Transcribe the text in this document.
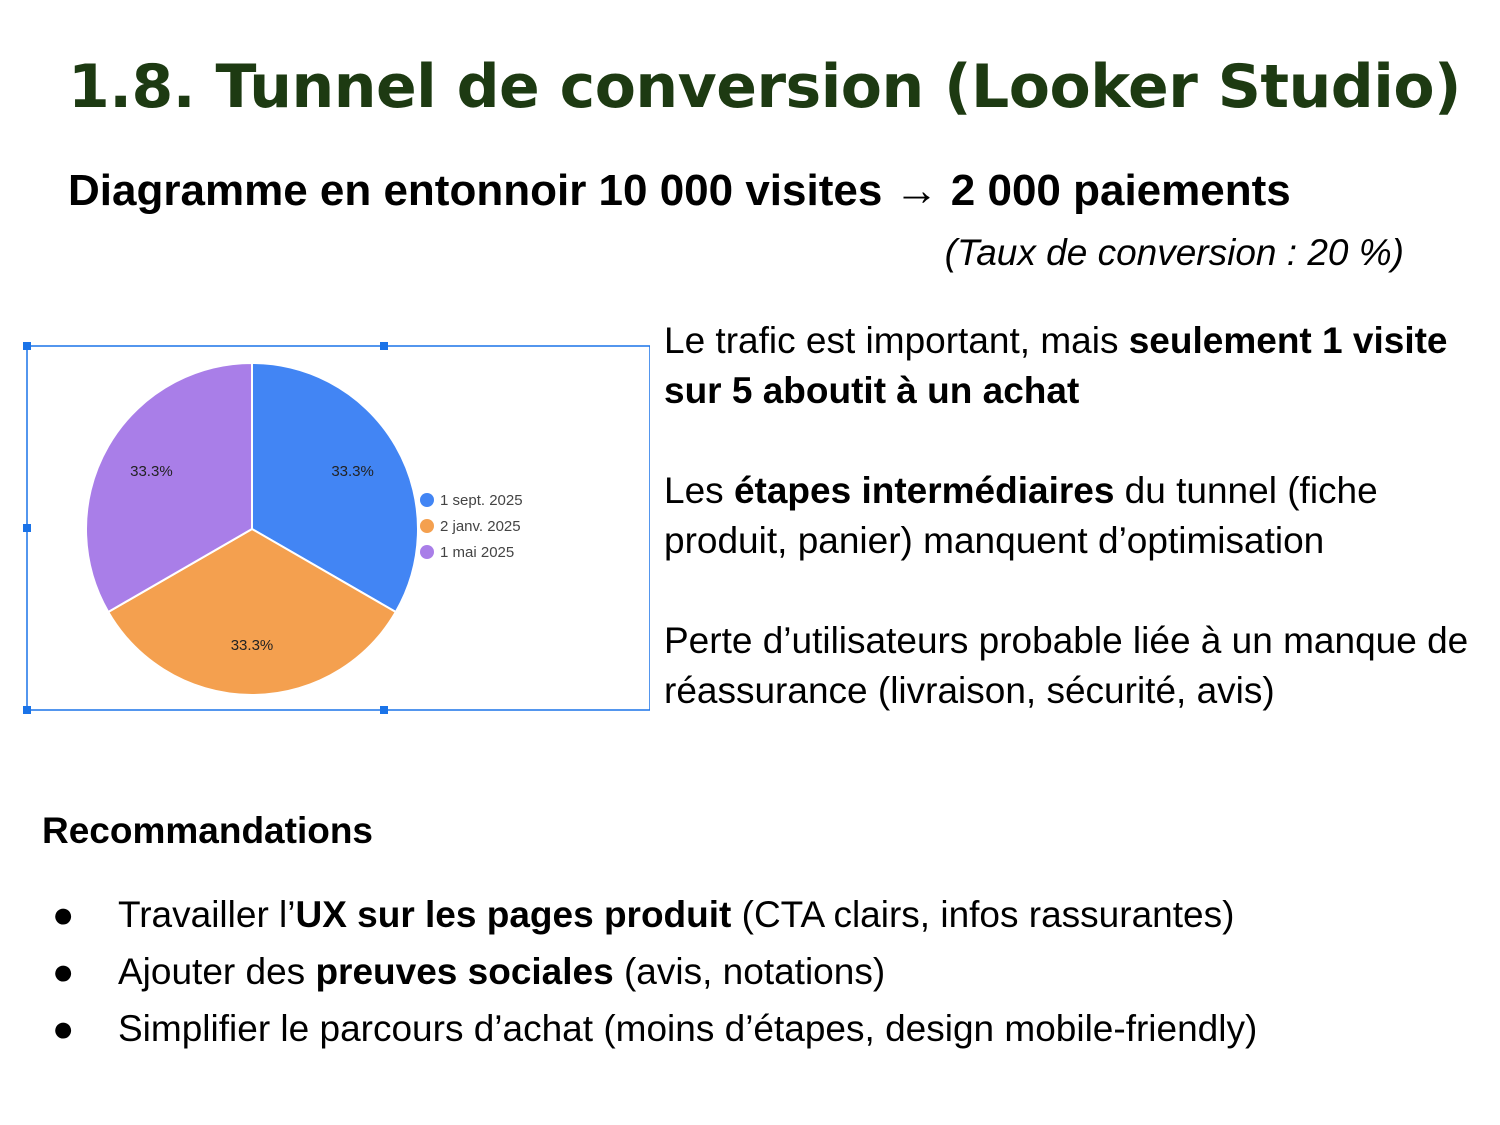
1.8. Tunnel de conversion (Looker Studio)
Diagramme en entonnoir 10 000 visites → 2 000 paiements
(Taux de conversion : 20 %)
33.3%
33.3%
33.3%
1 sept. 2025
2 janv. 2025
1 mai 2025

Le trafic est important, mais seulement 1 visite sur 5 aboutit à un achat

Les étapes intermédiaires du tunnel (fiche produit, panier) manquent d’optimisation

Perte d’utilisateurs probable liée à un manque de réassurance (livraison, sécurité, avis)

Recommandations
● Travailler l’UX sur les pages produit (CTA clairs, infos rassurantes)
● Ajouter des preuves sociales (avis, notations)
● Simplifier le parcours d’achat (moins d’étapes, design mobile-friendly)
